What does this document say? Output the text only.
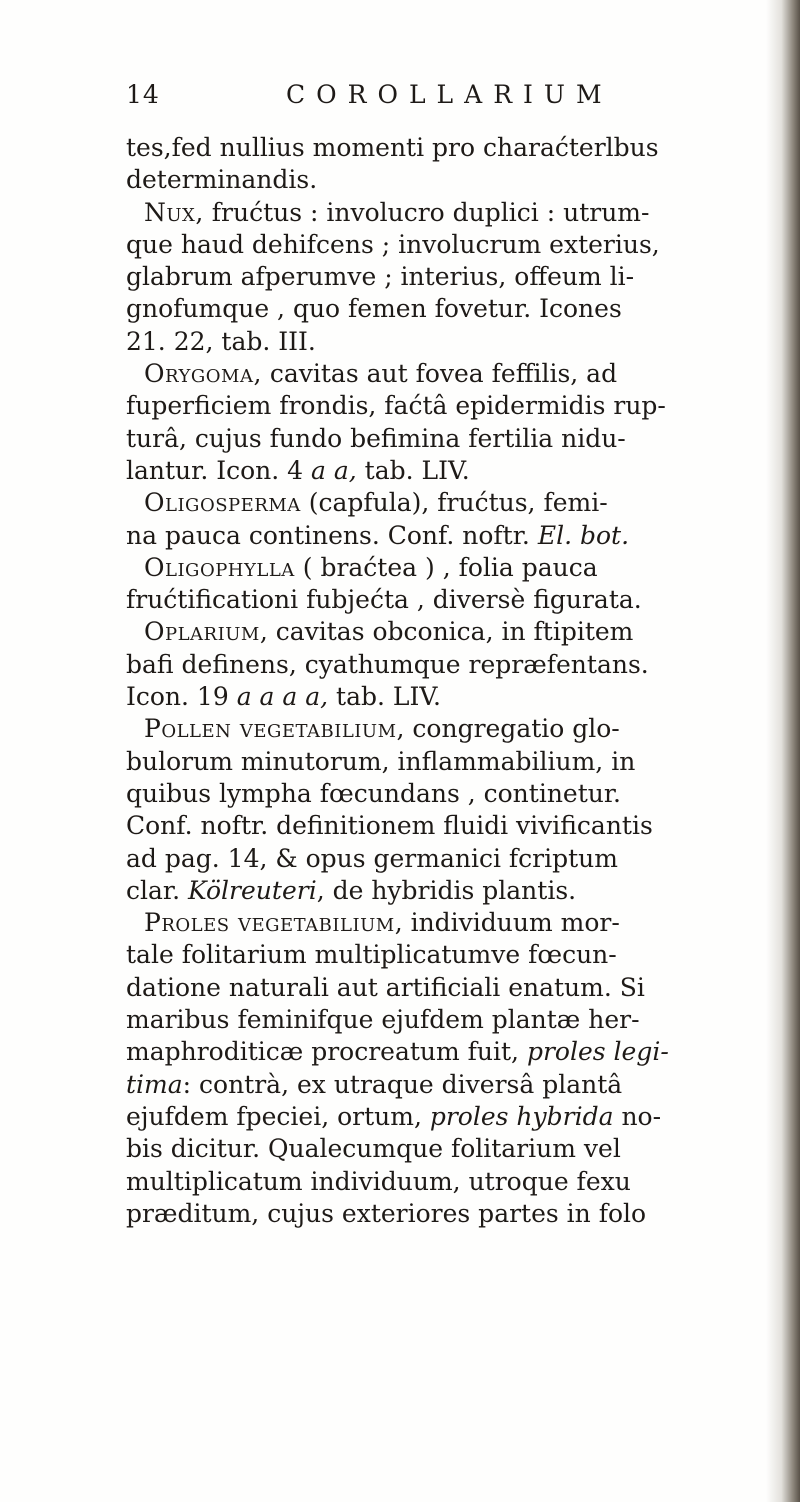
14	COROLLARIUM
tes,fed nullius momenti pro charaćterlbus
determinandis.
Nux, frućtus : involucro duplici : utrum-
que haud dehifcens ; involucrum exterius,
glabrum afperumve ; interius, offeum li-
gnofumque , quo femen fovetur. Icones
21. 22, tab. III.
Orygoma, cavitas aut fovea feffilis, ad
fuperficiem frondis, faćtâ epidermidis rup-
turâ, cujus fundo befimina fertilia nidu-
lantur. Icon. 4 a a, tab. LIV.
Oligosperma (capfula), frućtus, femi-
na pauca continens. Conf. noftr. El. bot.
Oligophylla ( braćtea ) , folia pauca
frućtificationi fubjećta , diversè figurata.
Oplarium, cavitas obconica, in ftipitem
bafi definens, cyathumque repræfentans.
Icon. 19 a a a a, tab. LIV.
Pollen vegetabilium, congregatio glo-
bulorum minutorum, inflammabilium, in
quibus lympha fœcundans , continetur.
Conf. noftr. definitionem fluidi vivificantis
ad pag. 14, & opus germanici fcriptum
clar. Kölreuteri, de hybridis plantis.
Proles vegetabilium, individuum mor-
tale folitarium multiplicatumve fœcun-
datione naturali aut artificiali enatum. Si
maribus feminifque ejufdem plantæ her-
maphroditicæ procreatum fuit, proles legi-
tima: contrà, ex utraque diversâ plantâ
ejufdem fpeciei, ortum, proles hybrida no-
bis dicitur. Qualecumque folitarium vel
multiplicatum individuum, utroque fexu
præditum, cujus exteriores partes in folo
